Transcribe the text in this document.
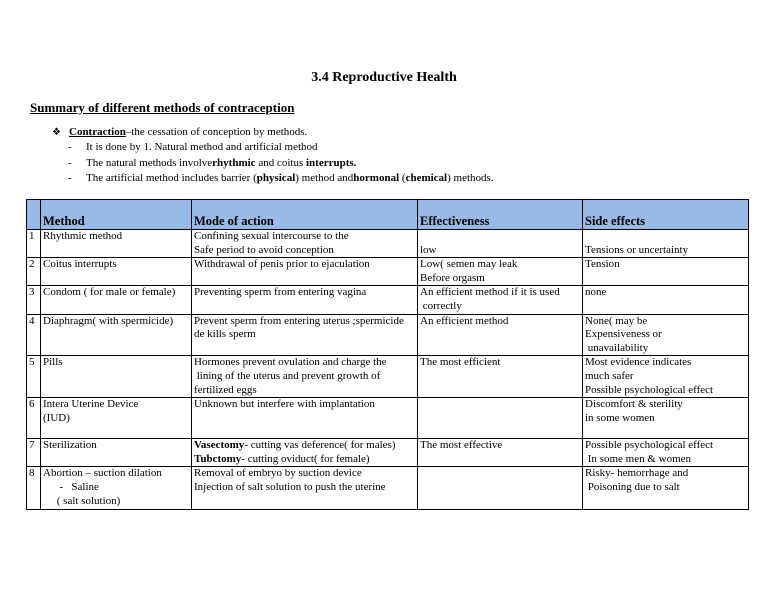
3.4 Reproductive Health
Summary of different methods of contraception
❖ Contraction –the cessation of conception by methods.
-	It is done by 1. Natural method and artificial method
-	The natural methods involverhythmic and coitus interrupts.
-	The artificial method includes barrier (physical) method andhormonal (chemical) methods.
	Method	Mode of action	Effectiveness	Side effects
1	Rhythmic method	Confining sexual intercourse to the
Safe period to avoid conception	low	Tensions or uncertainty

2	Coitus interrupts	Withdrawal of penis prior to ejaculation	Low( semen may leak
Before orgasm	Tension

3	Condom ( for male or female)	Preventing sperm from entering vagina	An efficient method if it is used
correctly	none

4	Diaphragm( with spermicide)	Prevent sperm from entering uterus ;spermicide
de kills sperm	An efficient method	None( may be
Expensiveness or
unavailability

5	Pills	Hormones prevent ovulation and charge the
lining of the uterus and prevent growth of
fertilized eggs	The most efficient	Most evidence indicates
much safer
Possible psychological effect

6	Intera Uterine Device
(IUD)	Unknown but interfere with implantation		Discomfort & sterility
in some women

7	Sterilization	Vasectomy- cutting vas deference( for males)
Tubctomy- cutting oviduct( for female)	The most effective	Possible psychological effect
In some men & women

8	Abortion – suction dilation
-   Saline
( salt solution)	Removal of embryo by suction device
Injection of salt solution to push the uterine		Risky- hemorrhage and
Poisoning due to salt
